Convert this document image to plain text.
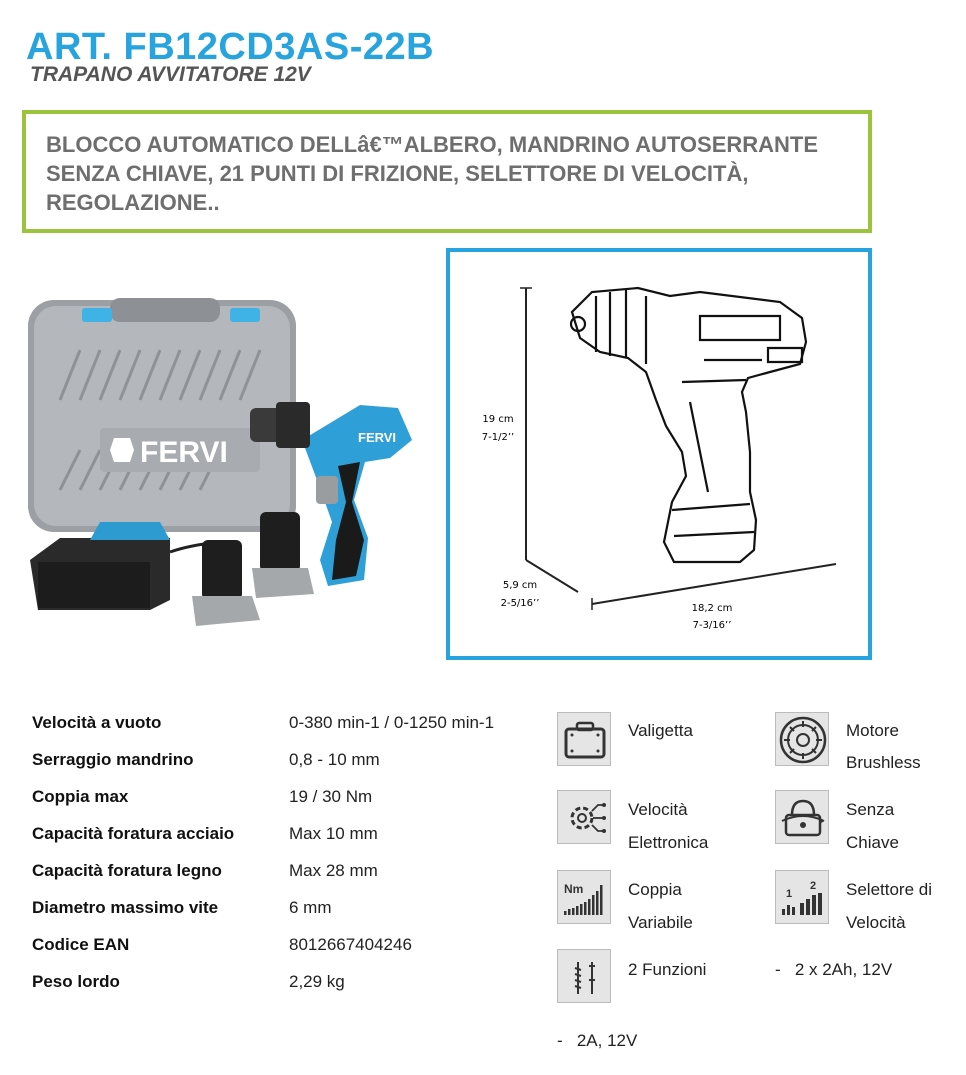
ART. FB12CD3AS-22B
TRAPANO AVVITATORE 12V
BLOCCO AUTOMATICO DELLâ€™ALBERO, MANDRINO AUTOSERRANTE SENZA CHIAVE, 21 PUNTI DI FRIZIONE, SELETTORE DI VELOCITÀ, REGOLAZIONE..
FERVI	FERVI
19 cm
7-1/2’’
5,9 cm
2-5/16’’	18,2 cm
7-3/16’’
Velocità a vuoto	0-380 min-1 / 0-1250 min-1
Serraggio mandrino	0,8 - 10 mm
Coppia max	19 / 30 Nm
Capacità foratura acciaio	Max 10 mm
Capacità foratura legno	Max 28 mm
Diametro massimo vite	6 mm
Codice EAN	8012667404246
Peso lordo	2,29 kg
Valigetta	Motore
Brushless
Velocità
Elettronica
Senza
Chiave
Nm	Coppia
Variabile
1
2 Selettore di
Velocità
2 Funzioni	-   2 x 2Ah, 12V
-   2A, 12V
